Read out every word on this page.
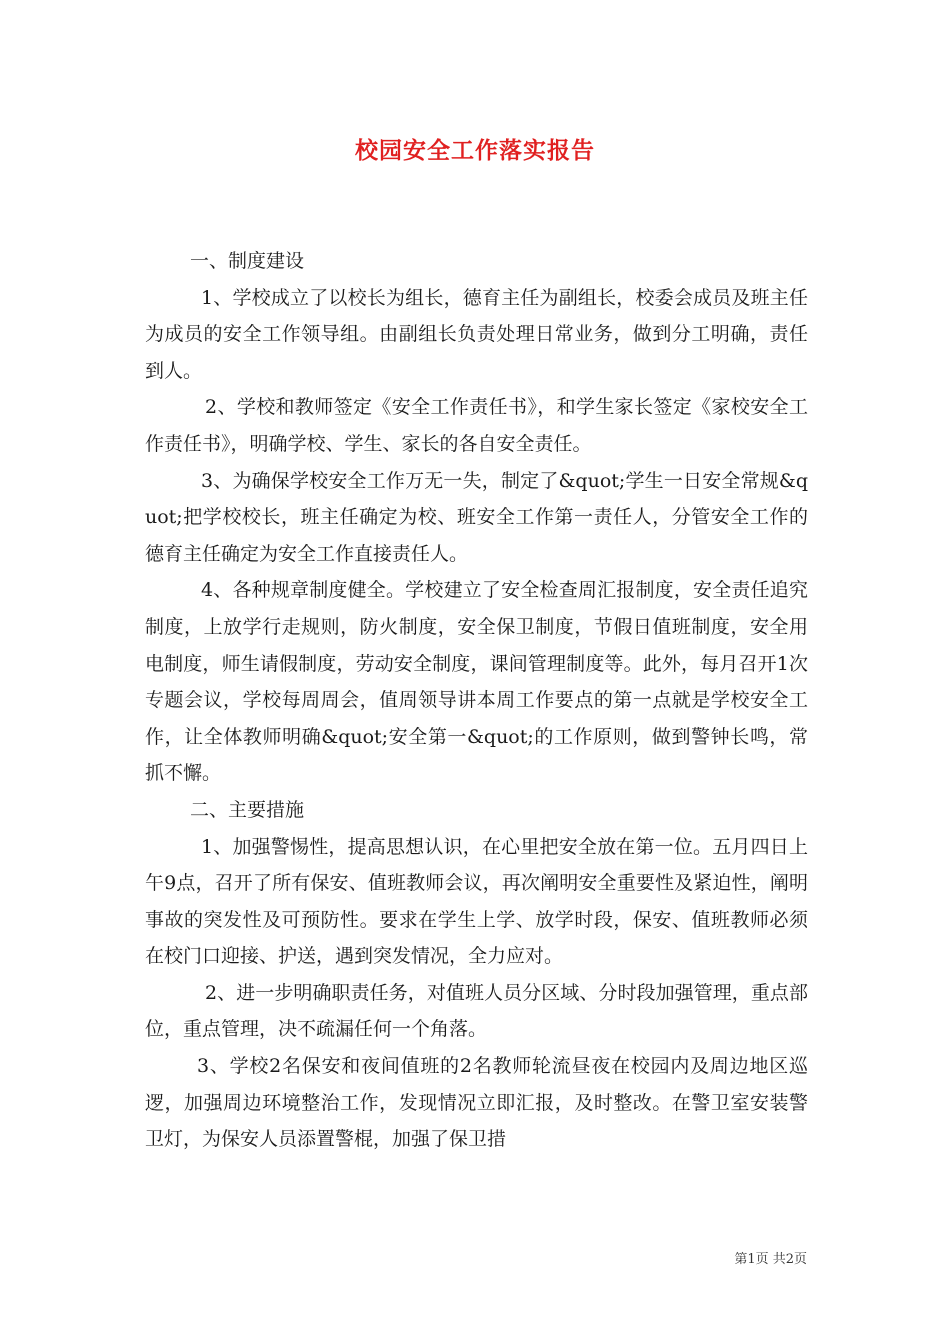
校园安全工作落实报告

一、制度建设

1、学校成立了以校长为组长，德育主任为副组长，校委会成员及班主任为成员的安全工作领导组。由副组长负责处理日常业务，做到分工明确，责任到人。

2、学校和教师签定《安全工作责任书》，和学生家长签定《家校安全工作责任书》，明确学校、学生、家长的各自安全责任。

3、为确保学校安全工作万无一失，制定了&quot;学生一日安全常规&quot;把学校校长，班主任确定为校、班安全工作第一责任人，分管安全工作的德育主任确定为安全工作直接责任人。

4、各种规章制度健全。学校建立了安全检查周汇报制度，安全责任追究制度，上放学行走规则，防火制度，安全保卫制度，节假日值班制度，安全用电制度，师生请假制度，劳动安全制度，课间管理制度等。此外，每月召开1次专题会议，学校每周周会，值周领导讲本周工作要点的第一点就是学校安全工作，让全体教师明确&quot;安全第一&quot;的工作原则，做到警钟长鸣，常抓不懈。

二、主要措施

1、加强警惕性，提高思想认识，在心里把安全放在第一位。五月四日上午9点，召开了所有保安、值班教师会议，再次阐明安全重要性及紧迫性，阐明事故的突发性及可预防性。要求在学生上学、放学时段，保安、值班教师必须在校门口迎接、护送，遇到突发情况，全力应对。

2、进一步明确职责任务，对值班人员分区域、分时段加强管理，重点部位，重点管理，决不疏漏任何一个角落。

3、学校2名保安和夜间值班的2名教师轮流昼夜在校园内及周边地区巡逻，加强周边环境整治工作，发现情况立即汇报，及时整改。在警卫室安装警卫灯，为保安人员添置警棍，加强了保卫措

第1页 共2页
